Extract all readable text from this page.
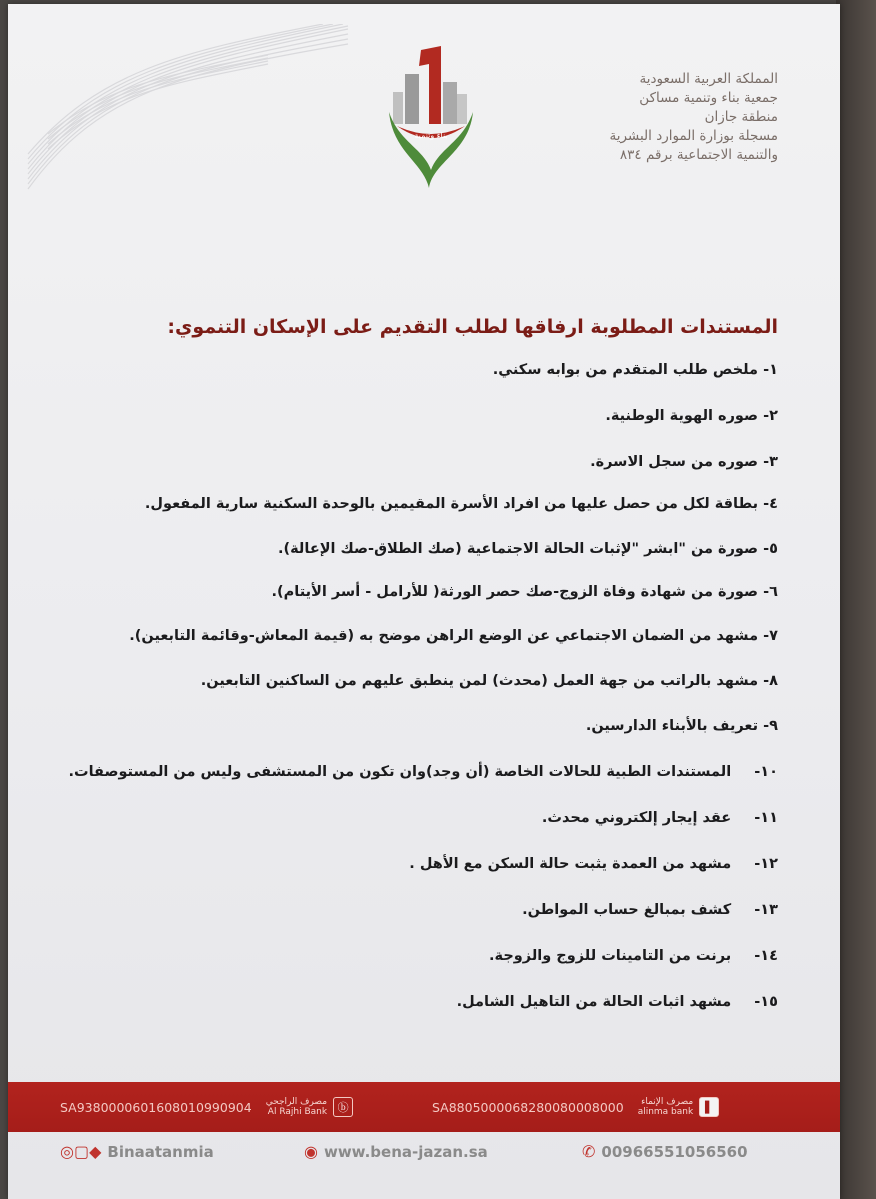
بناء وتنمية
المملكة العربية السعودية
جمعية بناء وتنمية مساكن
منطقة جازان
مسجلة بوزارة الموارد البشرية
والتنمية الاجتماعية برقم ٨٣٤
المستندات المطلوبة ارفاقها لطلب التقديم على الإسكان التنموي:
١- ملخص طلب المتقدم من بوابه سكني.
٢- صوره الهوية الوطنية.
٣- صوره من سجل الاسرة.
٤- بطاقة لكل من حصل عليها من افراد الأسرة المقيمين بالوحدة السكنية سارية المفعول.
٥- صورة من "ابشر "لإثبات الحالة الاجتماعية (صك الطلاق-صك الإعالة).
٦- صورة من شهادة وفاة الزوج-صك حصر الورثة( للأرامل - أسر الأيتام).
٧- مشهد من الضمان الاجتماعي عن الوضع الراهن موضح به (قيمة المعاش-وقائمة التابعين).
٨- مشهد بالراتب من جهة العمل (محدث) لمن ينطبق عليهم من الساكنين التابعين.
٩- تعريف بالأبناء الدارسين.
١٠- المستندات الطبية للحالات الخاصة (أن وجد)وان تكون من المستشفى وليس من المستوصفات.
١١- عقد إيجار إلكتروني محدث.
١٢- مشهد من العمدة يثبت حالة السكن مع الأهل .
١٣- كشف بمبالغ حساب المواطن.
١٤- برنت من التامينات للزوج والزوجة.
١٥- مشهد اثبات الحالة من التاهيل الشامل.
SA9380000601608010990904 مصرف الراجحي
Al Rajhi Bank ⓑ	SA8805000068280080008000	مصرف الإنماء
alinma bank	▌
◎▢◆ Binaatanmia	◉ www.bena-jazan.sa	✆ 00966551056560
